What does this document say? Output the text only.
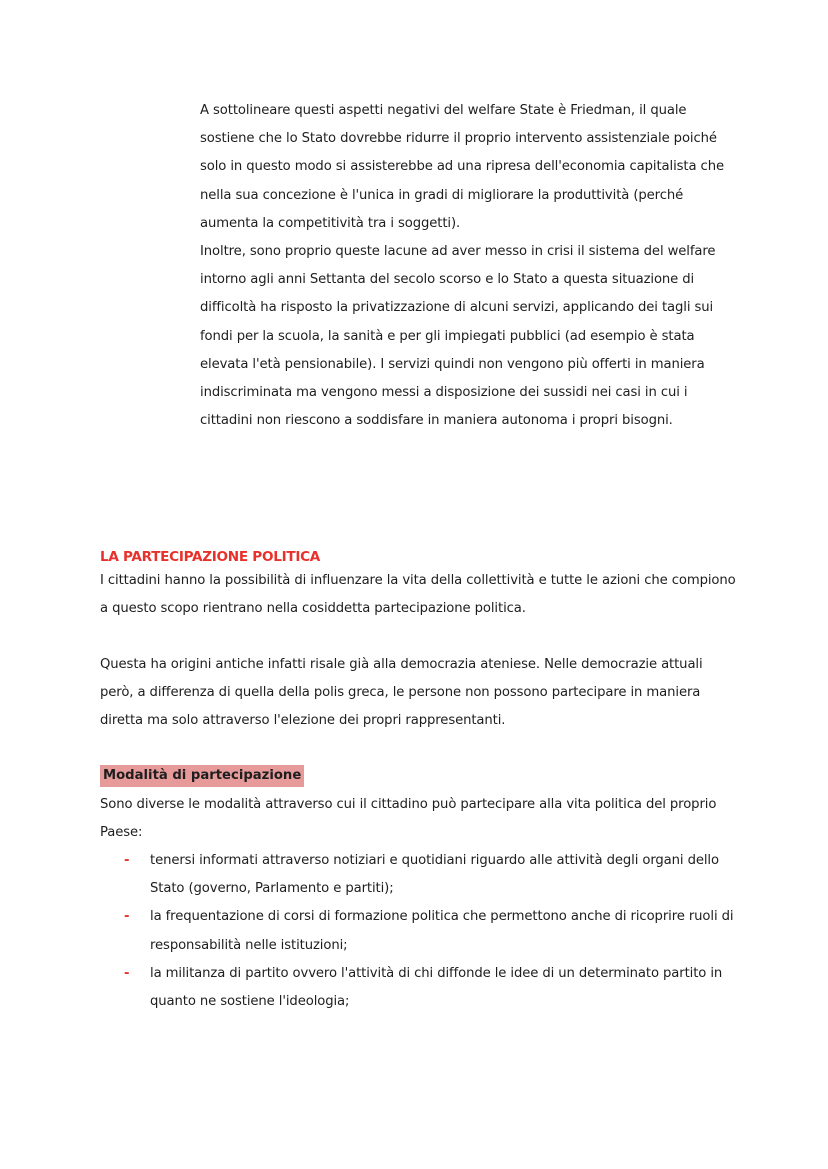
A sottolineare questi aspetti negativi del welfare State è Friedman, il quale sostiene che lo Stato dovrebbe ridurre il proprio intervento assistenziale poiché solo in questo modo si assisterebbe ad una ripresa dell'economia capitalista che nella sua concezione è l'unica in gradi di migliorare la produttività (perché aumenta la competitività tra i soggetti).

Inoltre, sono proprio queste lacune ad aver messo in crisi il sistema del welfare intorno agli anni Settanta del secolo scorso e lo Stato a questa situazione di difficoltà ha risposto la privatizzazione di alcuni servizi, applicando dei tagli sui fondi per la scuola, la sanità e per gli impiegati pubblici (ad esempio è stata elevata l'età pensionabile). I servizi quindi non vengono più offerti in maniera indiscriminata ma vengono messi a disposizione dei sussidi nei casi in cui i cittadini non riescono a soddisfare in maniera autonoma i propri bisogni.

LA PARTECIPAZIONE POLITICA

I cittadini hanno la possibilità di influenzare la vita della collettività e tutte le azioni che compiono a questo scopo rientrano nella cosiddetta partecipazione politica.

Questa ha origini antiche infatti risale già alla democrazia ateniese. Nelle democrazie attuali però, a differenza di quella della polis greca, le persone non possono partecipare in maniera diretta ma solo attraverso l'elezione dei propri rappresentanti.

Modalità di partecipazione

Sono diverse le modalità attraverso cui il cittadino può partecipare alla vita politica del proprio Paese:

- tenersi informati attraverso notiziari e quotidiani riguardo alle attività degli organi dello Stato (governo, Parlamento e partiti);
- la frequentazione di corsi di formazione politica che permettono anche di ricoprire ruoli di responsabilità nelle istituzioni;
- la militanza di partito ovvero l'attività di chi diffonde le idee di un determinato partito in quanto ne sostiene l'ideologia;
